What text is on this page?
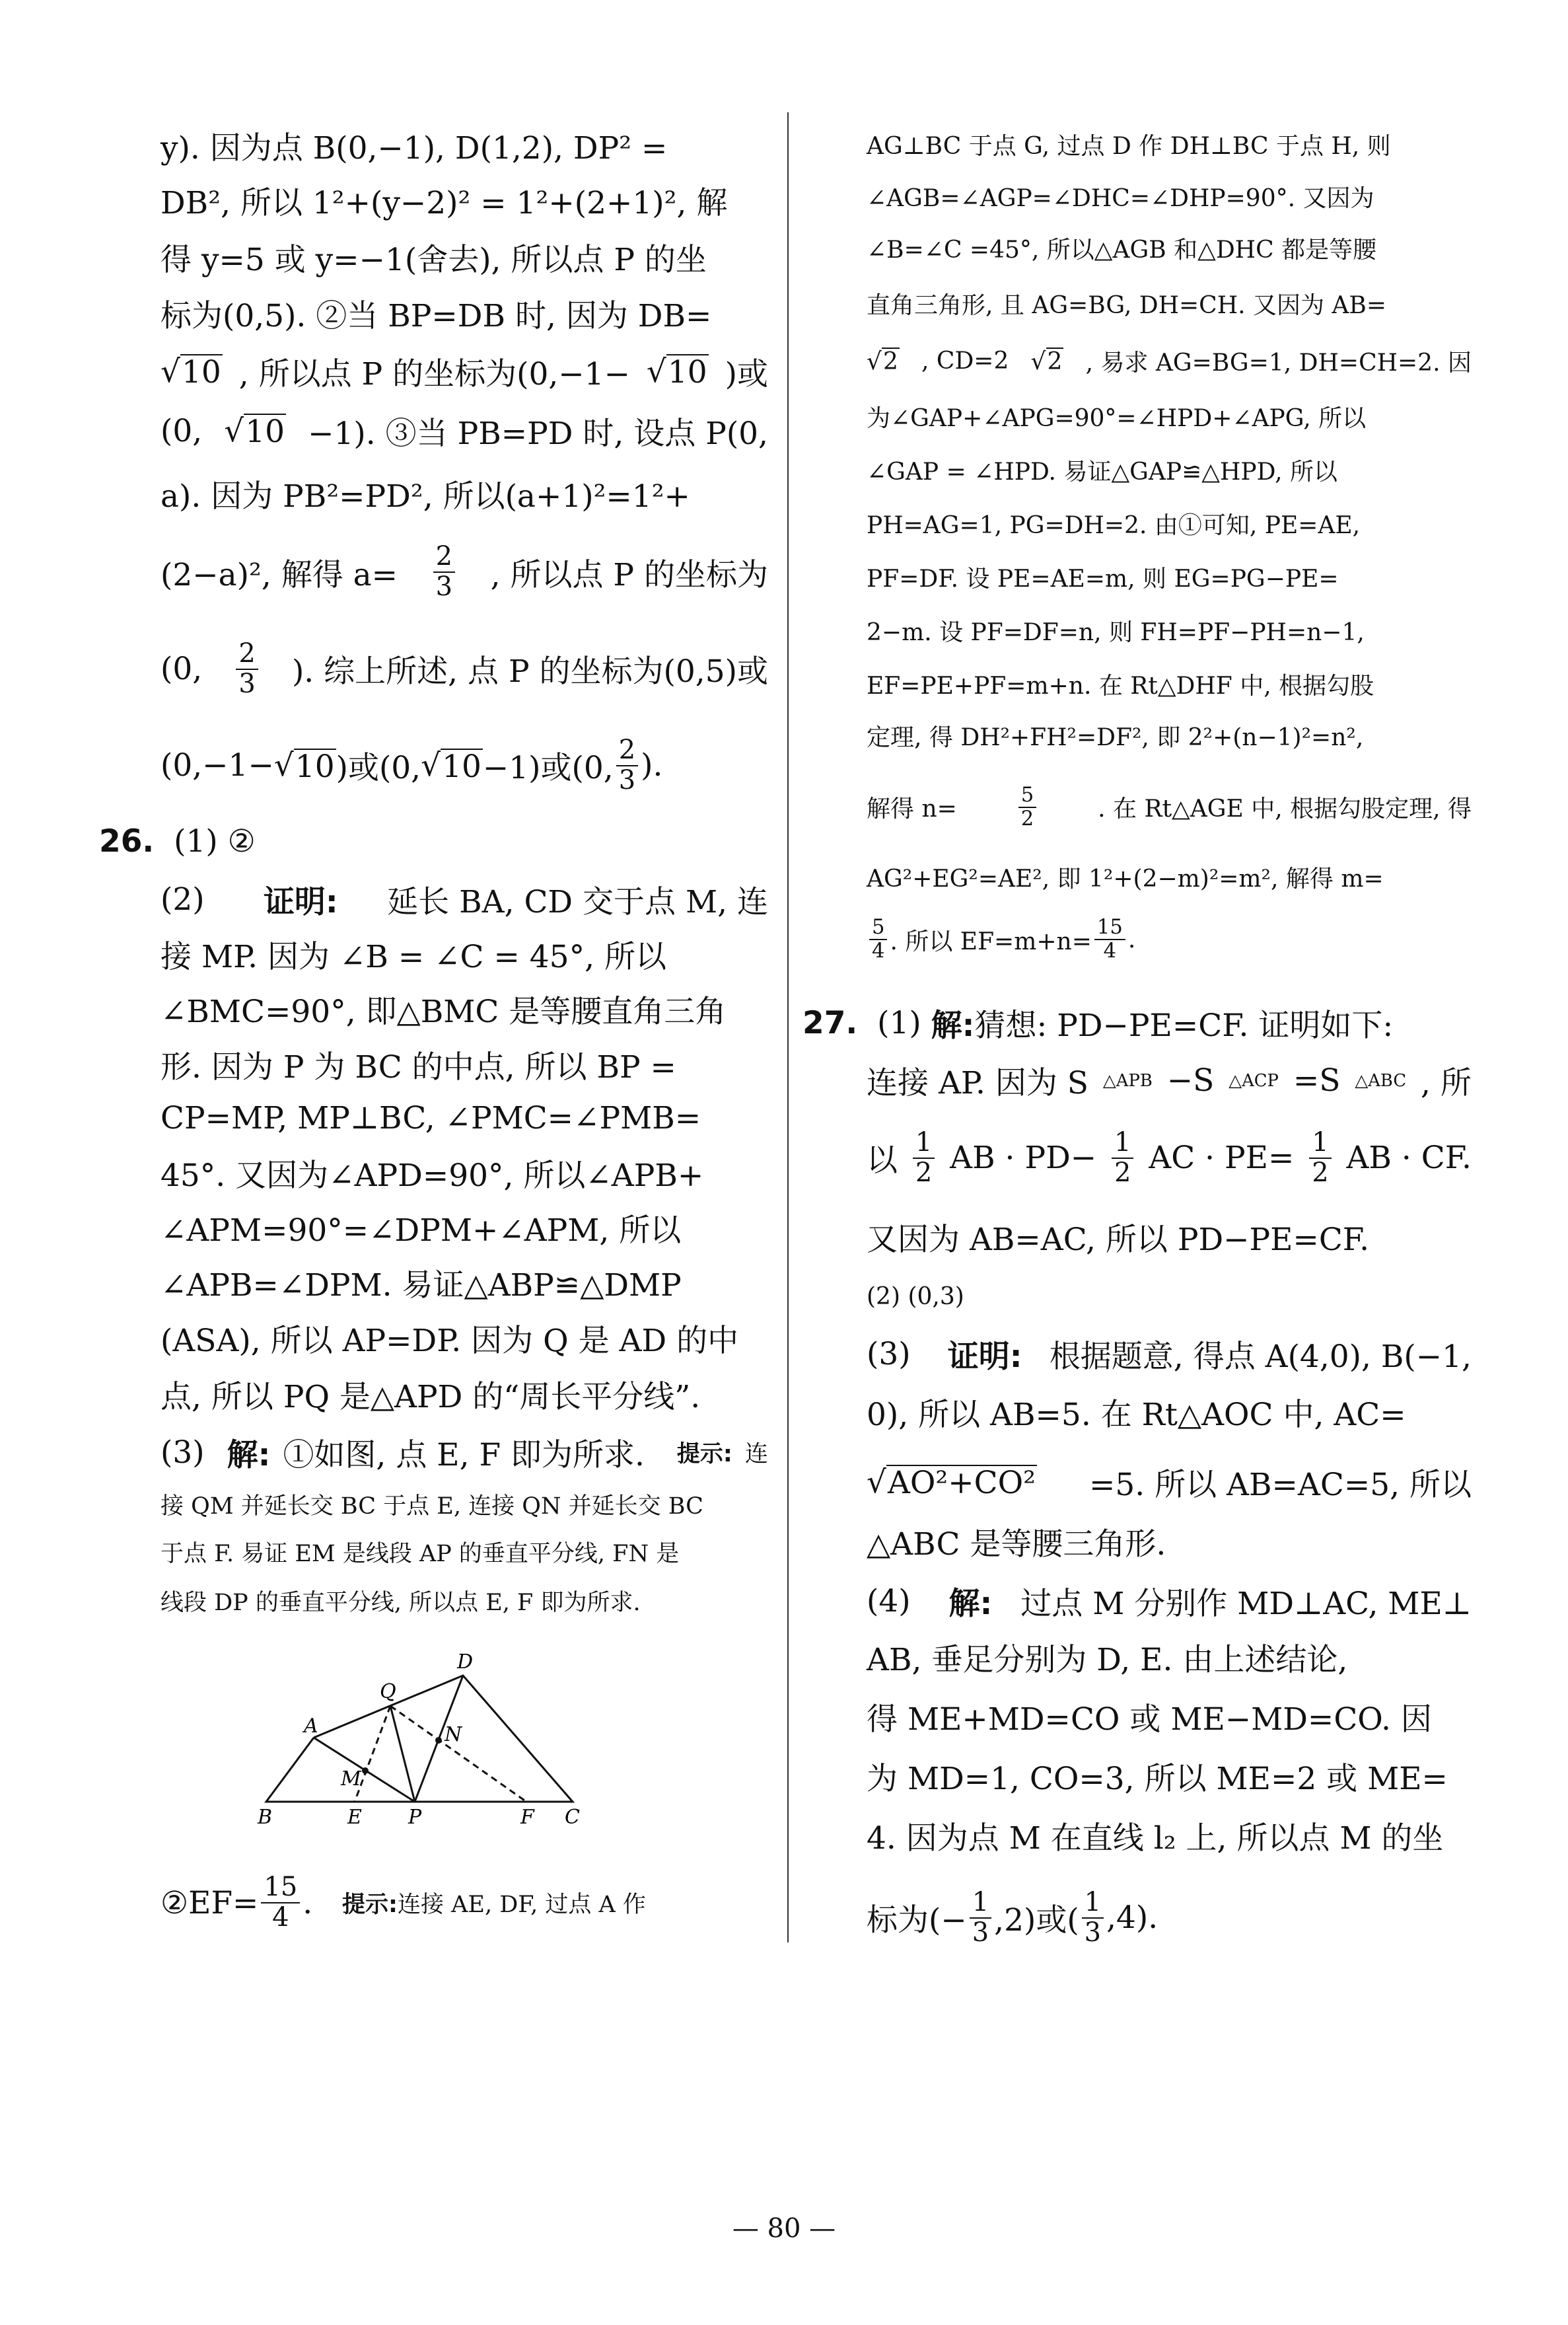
y). 因为点 B(0,−1), D(1,2), DP² =
DB², 所以 1²+(y−2)² = 1²+(2+1)², 解
得 y=5 或 y=−1(舍去), 所以点 P 的坐
标为(0,5). ②当 BP=DB 时, 因为 DB=
√ 10 , 所以点 P 的坐标为(0,−1− √ 10 )或
(0, √ 10 −1). ③当 PB=PD 时, 设点 P(0,
a). 因为 PB²=PD², 所以(a+1)²=1²+
(2−a)², 解得 $a= \frac{2}{3}$ , 所以点 P 的坐标为
(0, $\frac{2}{3}$ ). 综上所述, 点 P 的坐标为(0,5)或
(0,−1− √ 10 )或(0, √ 10 −1)或(0, $\frac{2}{3}$ ).
26. (1) ②
(2) 证明: 延长 BA, CD 交于点 M, 连
接 MP. 因为 ∠B = ∠C = 45°, 所以
∠BMC=90°, 即△BMC 是等腰直角三角
形. 因为 P 为 BC 的中点, 所以 BP =
CP=MP, MP⊥BC, ∠PMC=∠PMB=
45°. 又因为∠APD=90°, 所以∠APB+
∠APM=90°=∠DPM+∠APM, 所以
∠APB=∠DPM. 易证△ABP≌△DMP
(ASA), 所以 AP=DP. 因为 Q 是 AD 的中
点, 所以 PQ 是△APD 的“周长平分线”.
(3) 解: ①如图, 点 E, F 即为所求. 提示: 连
接 QM 并延长交 BC 于点 E, 连接 QN 并延长交 BC
于点 F. 易证 EM 是线段 AP 的垂直平分线, FN 是
线段 DP 的垂直平分线, 所以点 E, F 即为所求.
②EF= $\frac{15}{4}$ . 提示: 连接 AE, DF, 过点 A 作
AG⊥BC 于点 G, 过点 D 作 DH⊥BC 于点 H, 则
∠AGB=∠AGP=∠DHC=∠DHP=90°. 又因为
∠B=∠C =45°, 所以△AGB 和△DHC 都是等腰
直角三角形, 且 AG=BG, DH=CH. 又因为 AB=
√ 2 , CD=2 √ 2 , 易求 AG=BG=1, DH=CH=2. 因
为∠GAP+∠APG=90°=∠HPD+∠APG, 所以
∠GAP = ∠HPD. 易证△GAP≌△HPD, 所以
PH=AG=1, PG=DH=2. 由①可知, PE=AE,
PF=DF. 设 PE=AE=m, 则 EG=PG−PE=
2−m. 设 PF=DF=n, 则 FH=PF−PH=n−1,
EF=PE+PF=m+n. 在 Rt△DHF 中, 根据勾股
定理, 得 DH²+FH²=DF², 即 2²+(n−1)²=n²,
解得 n=	$\frac{5}{2}$	. 在 Rt△AGE 中, 根据勾股定理, 得
AG²+EG²=AE², 即 1²+(2−m)²=m², 解得 m=
$\frac{5}{4}$ . 所以 $EF=m+n= \frac{15}{4}$ .
27. (1) 解: 猜想: PD−PE=CF. 证明如下:
连接 AP. 因为 S △APB −S △ACP =S △ABC , 所
以 $\frac{1}{2}$ AB · $PD- \frac{1}{2}$ AC · $PE= \frac{1}{2}$ AB · CF.
又因为 AB=AC, 所以 PD−PE=CF.
(2) (0,3)
(3) 证明: 根据题意, 得点 A(4,0), B(−1,
0), 所以 AB=5. 在 Rt△AOC 中, AC=
√ AO²+CO² =5. 所以 AB=AC=5, 所以
△ABC 是等腰三角形.
(4) 解: 过点 M 分别作 MD⊥AC, ME⊥
AB, 垂足分别为 D, E. 由上述结论,
得 ME+MD=CO 或 ME−MD=CO. 因
为 MD=1, CO=3, 所以 ME=2 或 ME=
4. 因为点 M 在直线 l₂ 上, 所以点 M 的坐
标为(− $\frac{1}{3} ,2$)或( $\frac{1}{3} ,4$).
A
B	C
D
E	F
P
Q
M
N
— 80 —
